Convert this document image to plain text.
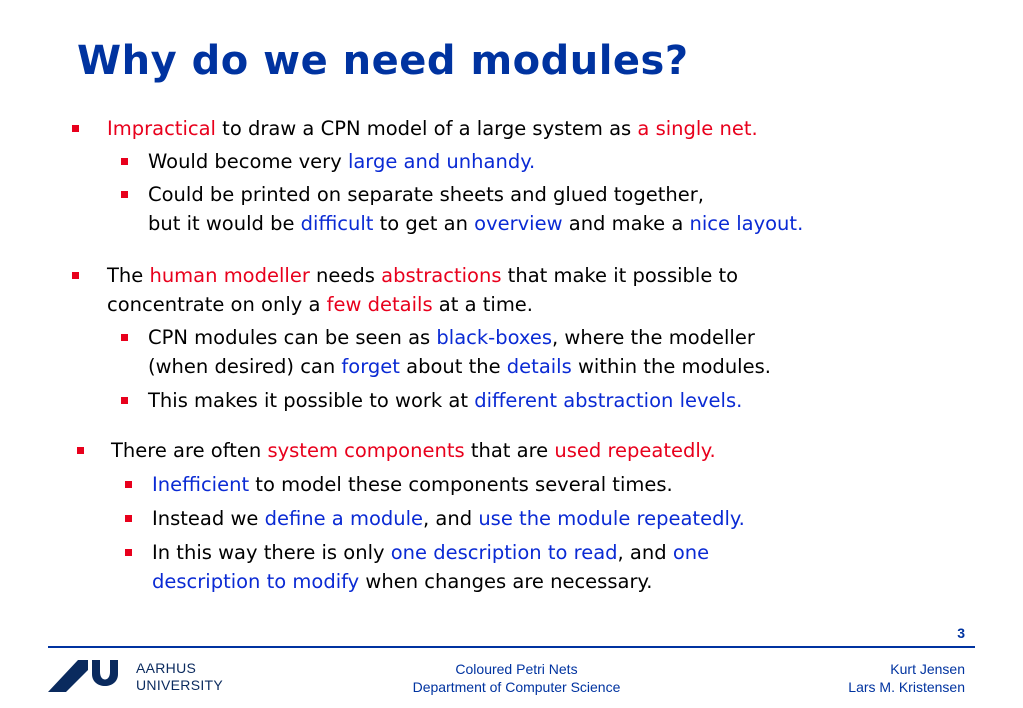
Why do we need modules?
Impractical to draw a CPN model of a large system as a single net.
Would become very large and unhandy.
Could be printed on separate sheets and glued together,
but it would be difficult to get an overview and make a nice layout.
The human modeller needs abstractions that make it possible to
concentrate on only a few details at a time.
CPN modules can be seen as black-boxes, where the modeller
(when desired) can forget about the details within the modules.
This makes it possible to work at different abstraction levels.
There are often system components that are used repeatedly.
Inefficient to model these components several times.
Instead we define a module, and use the module repeatedly.
In this way there is only one description to read, and one
description to modify when changes are necessary.
3
AARHUS
UNIVERSITY
Coloured Petri Nets
Department of Computer Science
Kurt Jensen
Lars M. Kristensen
